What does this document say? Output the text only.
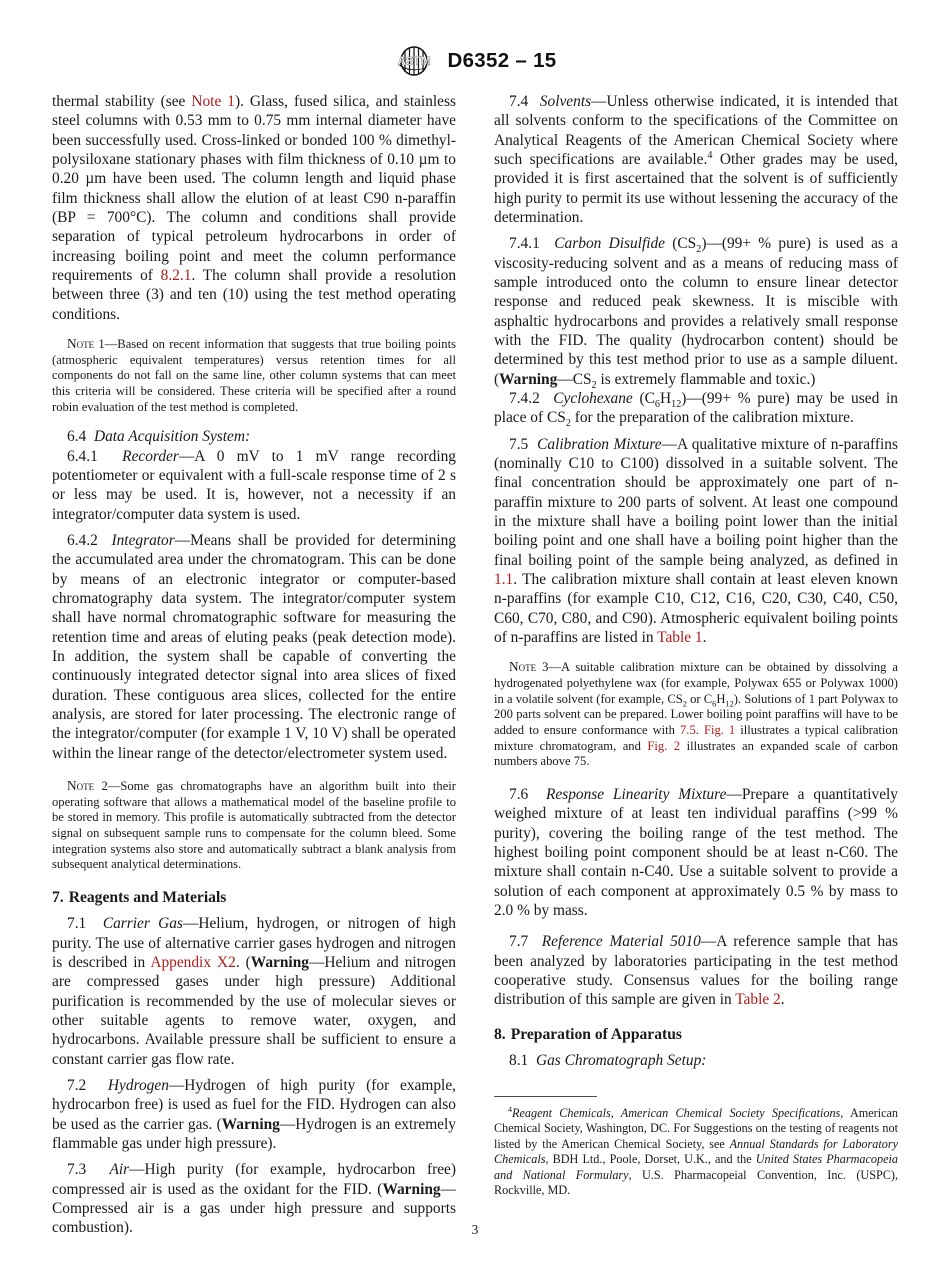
ASTM D6352 – 15

thermal stability (see Note 1). Glass, fused silica, and stainless steel columns with 0.53 mm to 0.75 mm internal diameter have been successfully used. Cross-linked or bonded 100 % dimethyl-polysiloxane stationary phases with film thickness of 0.10 µm to 0.20 µm have been used. The column length and liquid phase film thickness shall allow the elution of at least C90 n-paraffin (BP = 700°C). The column and conditions shall provide separation of typical petroleum hydrocarbons in order of increasing boiling point and meet the column performance requirements of 8.2.1. The column shall provide a resolution between three (3) and ten (10) using the test method operating conditions.

Note 1—Based on recent information that suggests that true boiling points (atmospheric equivalent temperatures) versus retention times for all components do not fall on the same line, other column systems that can meet this criteria will be considered. These criteria will be specified after a round robin evaluation of the test method is completed.

6.4 Data Acquisition System:

6.4.1 Recorder—A 0 mV to 1 mV range recording potentiometer or equivalent with a full-scale response time of 2 s or less may be used. It is, however, not a necessity if an integrator/computer data system is used.

6.4.2 Integrator—Means shall be provided for determining the accumulated area under the chromatogram. This can be done by means of an electronic integrator or computer-based chromatography data system. The integrator/computer system shall have normal chromatographic software for measuring the retention time and areas of eluting peaks (peak detection mode). In addition, the system shall be capable of converting the continuously integrated detector signal into area slices of fixed duration. These contiguous area slices, collected for the entire analysis, are stored for later processing. The electronic range of the integrator/computer (for example 1 V, 10 V) shall be operated within the linear range of the detector/electrometer system used.

Note 2—Some gas chromatographs have an algorithm built into their operating software that allows a mathematical model of the baseline profile to be stored in memory. This profile is automatically subtracted from the detector signal on subsequent sample runs to compensate for the column bleed. Some integration systems also store and automatically subtract a blank analysis from subsequent analytical determinations.

7. Reagents and Materials

7.1 Carrier Gas—Helium, hydrogen, or nitrogen of high purity. The use of alternative carrier gases hydrogen and nitrogen is described in Appendix X2. (Warning—Helium and nitrogen are compressed gases under high pressure) Additional purification is recommended by the use of molecular sieves or other suitable agents to remove water, oxygen, and hydrocarbons. Available pressure shall be sufficient to ensure a constant carrier gas flow rate.

7.2 Hydrogen—Hydrogen of high purity (for example, hydrocarbon free) is used as fuel for the FID. Hydrogen can also be used as the carrier gas. (Warning—Hydrogen is an extremely flammable gas under high pressure).

7.3 Air—High purity (for example, hydrocarbon free) compressed air is used as the oxidant for the FID. (Warning—Compressed air is a gas under high pressure and supports combustion).

7.4 Solvents—Unless otherwise indicated, it is intended that all solvents conform to the specifications of the Committee on Analytical Reagents of the American Chemical Society where such specifications are available.$^4$ Other grades may be used, provided it is first ascertained that the solvent is of sufficiently high purity to permit its use without lessening the accuracy of the determination.

7.4.1 Carbon Disulfide $(CS_2)—(99+$ % pure) is used as a viscosity-reducing solvent and as a means of reducing mass of sample introduced onto the column to ensure linear detector response and reduced peak skewness. It is miscible with asphaltic hydrocarbons and provides a relatively small response with the FID. The quality (hydrocarbon content) should be determined by this test method prior to use as a sample diluent. ($Warning—CS_2$ is extremely flammable and toxic.)

7.4.2 Cyclohexane $(C_6H_{12})—(99+$ % pure) may be used in place of $CS_2$ for the preparation of the calibration mixture.

7.5 Calibration Mixture—A qualitative mixture of n-paraffins (nominally C10 to C100) dissolved in a suitable solvent. The final concentration should be approximately one part of n-paraffin mixture to 200 parts of solvent. At least one compound in the mixture shall have a boiling point lower than the initial boiling point and one shall have a boiling point higher than the final boiling point of the sample being analyzed, as defined in 1.1. The calibration mixture shall contain at least eleven known n-paraffins (for example C10, C12, C16, C20, C30, C40, C50, C60, C70, C80, and C90). Atmospheric equivalent boiling points of n-paraffins are listed in Table 1.

Note 3—A suitable calibration mixture can be obtained by dissolving a hydrogenated polyethylene wax (for example, Polywax 655 or Polywax 1000) in a volatile solvent (for example, $CS_2$ or $C_6H_{12}$). Solutions of 1 part Polywax to 200 parts solvent can be prepared. Lower boiling point paraffins will have to be added to ensure conformance with 7.5. Fig. 1 illustrates a typical calibration mixture chromatogram, and Fig. 2 illustrates an expanded scale of carbon numbers above 75.

7.6 Response Linearity Mixture—Prepare a quantitatively weighed mixture of at least ten individual paraffins (>99 % purity), covering the boiling range of the test method. The highest boiling point component should be at least n-C60. The mixture shall contain n-C40. Use a suitable solvent to provide a solution of each component at approximately 0.5 % by mass to 2.0 % by mass.

7.7 Reference Material 5010—A reference sample that has been analyzed by laboratories participating in the test method cooperative study. Consensus values for the boiling range distribution of this sample are given in Table 2.

8. Preparation of Apparatus

8.1 Gas Chromatograph Setup:

$^4$Reagent Chemicals, American Chemical Society Specifications, American Chemical Society, Washington, DC. For Suggestions on the testing of reagents not listed by the American Chemical Society, see Annual Standards for Laboratory Chemicals, BDH Ltd., Poole, Dorset, U.K., and the United States Pharmacopeia and National Formulary, U.S. Pharmacopeial Convention, Inc. (USPC), Rockville, MD.

3
